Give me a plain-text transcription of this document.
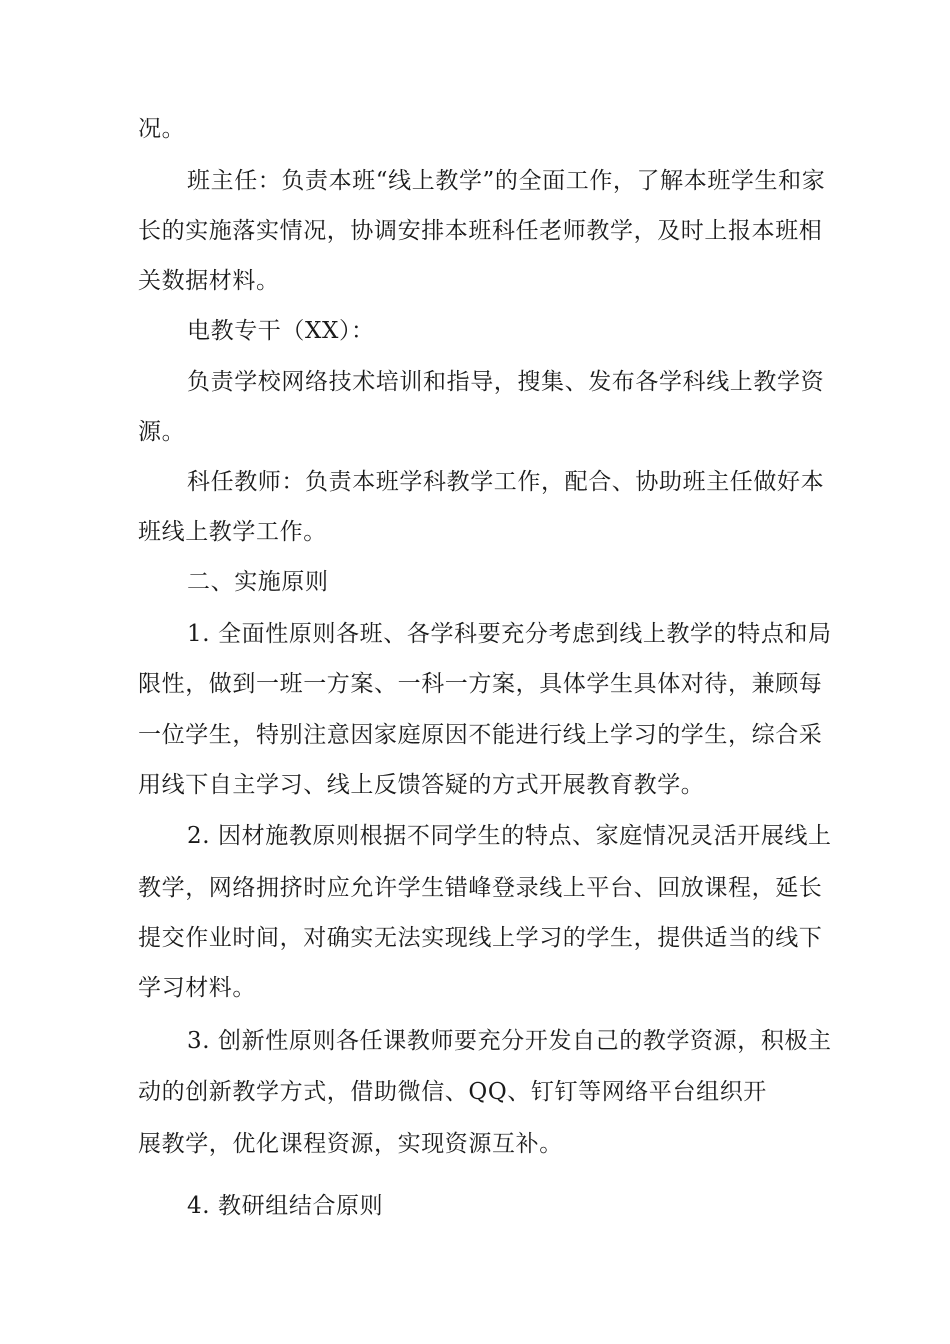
况。
班主任：负责本班“线上教学”的全面工作，了解本班学生和家
长的实施落实情况，协调安排本班科任老师教学，及时上报本班相
关数据材料。
电教专干（XX）：
负责学校网络技术培训和指导，搜集、发布各学科线上教学资
源。
科任教师：负责本班学科教学工作，配合、协助班主任做好本
班线上教学工作。
二、实施原则
1. 全面性原则各班、各学科要充分考虑到线上教学的特点和局
限性，做到一班一方案、一科一方案，具体学生具体对待，兼顾每
一位学生，特别注意因家庭原因不能进行线上学习的学生，综合采
用线下自主学习、线上反馈答疑的方式开展教育教学。
2. 因材施教原则根据不同学生的特点、家庭情况灵活开展线上
教学，网络拥挤时应允许学生错峰登录线上平台、回放课程，延长
提交作业时间，对确实无法实现线上学习的学生，提供适当的线下
学习材料。
3. 创新性原则各任课教师要充分开发自己的教学资源，积极主
动的创新教学方式，借助微信、QQ、钉钉等网络平台组织开
展教学，优化课程资源，实现资源互补。
4. 教研组结合原则
